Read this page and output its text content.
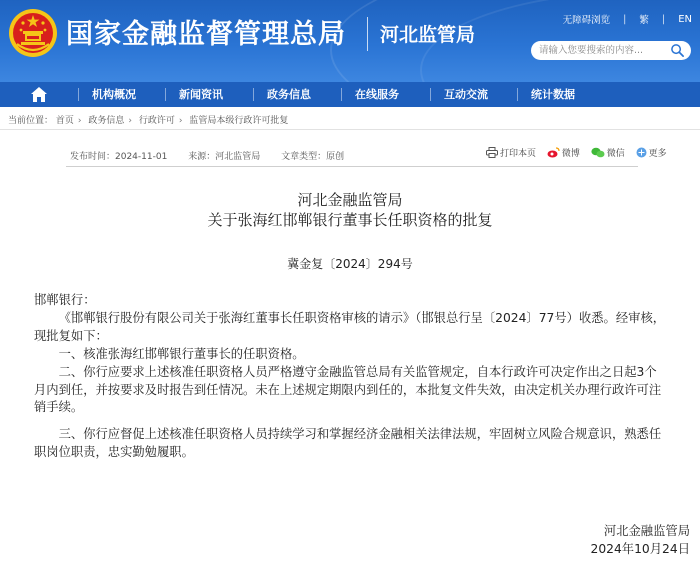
国家金融监督管理总局 河北监管局
无障碍浏览 | 繁 | EN
请输入您要搜索的内容...
机构概况	新闻资讯	政务信息	在线服务	互动交流	统计数据
当前位置： 首页 › 政务信息 › 行政许可 › 监管局本级行政许可批复
发布时间：2024-11-01 来源：河北监管局 文章类型：原创	打印本页
	微博
	微信
	更多
河北金融监管局
关于张海红邯郸银行董事长任职资格的批复
冀金复〔2024〕294号
邯郸银行：
《邯郸银行股份有限公司关于张海红董事长任职资格审核的请示》（邯银总行呈〔2024〕77号）收悉。经审核，现批复如下：
一、核准张海红邯郸银行董事长的任职资格。
二、你行应要求上述核准任职资格人员严格遵守金融监管总局有关监管规定，自本行政许可决定作出之日起3个月内到任，并按要求及时报告到任情况。未在上述规定期限内到任的，本批复文件失效，由决定机关办理行政许可注销手续。
三、你行应督促上述核准任职资格人员持续学习和掌握经济金融相关法律法规，牢固树立风险合规意识，熟悉任职岗位职责，忠实勤勉履职。
河北金融监管局
2024年10月24日
